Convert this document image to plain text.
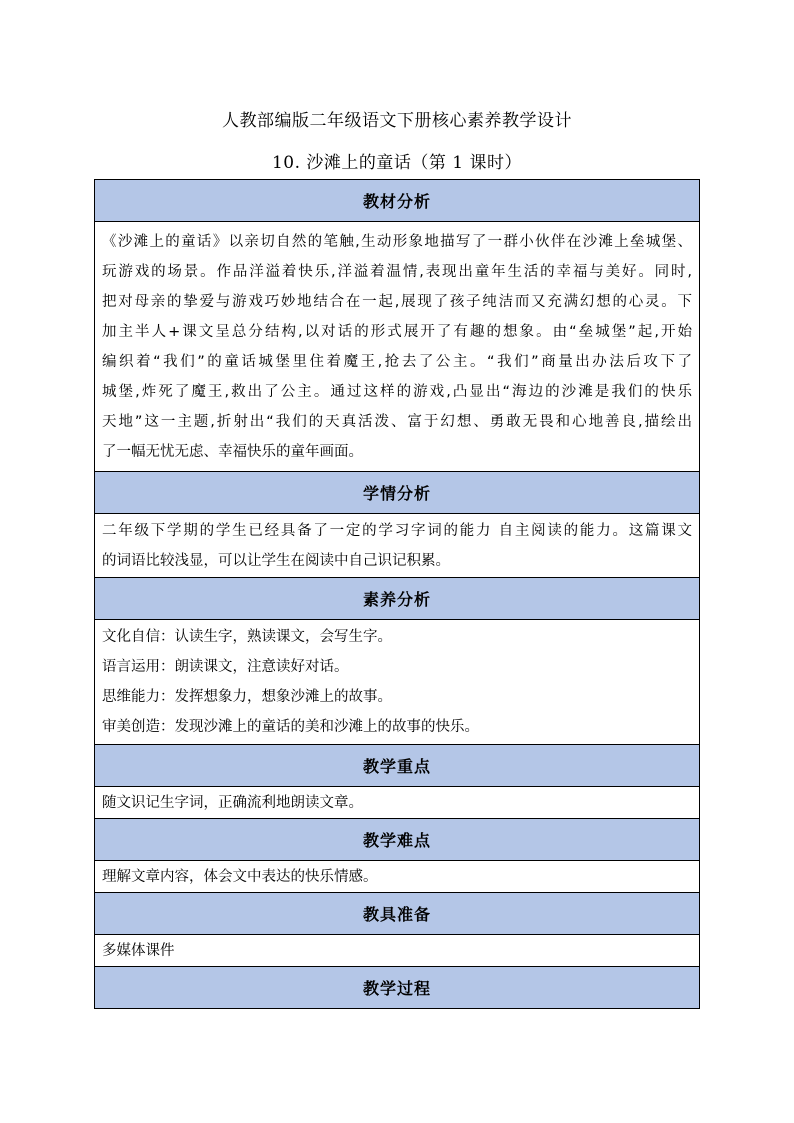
人教部编版二年级语文下册核心素养教学设计
10. 沙滩上的童话（第 1 课时）
教材分析

《沙滩上的童话》以亲切自然的笔触,生动形象地描写了一群小伙伴在沙滩上垒城堡、
玩游戏的场景。作品洋溢着快乐,洋溢着温情,表现出童年生活的幸福与美好。同时,
把对母亲的挚爱与游戏巧妙地结合在一起,展现了孩子纯洁而又充满幻想的心灵。下
加主半人+课文呈总分结构,以对话的形式展开了有趣的想象。由“垒城堡”起,开始
编织着“我们”的童话城堡里住着魔王,抢去了公主。“我们”商量出办法后攻下了
城堡,炸死了魔王,救出了公主。通过这样的游戏,凸显出“海边的沙滩是我们的快乐
天地”这一主题,折射出“我们的天真活泼、富于幻想、勇敢无畏和心地善良,描绘出
了一幅无忧无虑、幸福快乐的童年画面。

学情分析

二年级下学期的学生已经具备了一定的学习字词的能力 自主阅读的能力。这篇课文
的词语比较浅显，可以让学生在阅读中自己识记积累。

素养分析

文化自信：认读生字，熟读课文，会写生字。
语言运用：朗读课文，注意读好对话。
思维能力：发挥想象力，想象沙滩上的故事。
审美创造：发现沙滩上的童话的美和沙滩上的故事的快乐。

教学重点

随文识记生字词，正确流利地朗读文章。

教学难点

理解文章内容，体会文中表达的快乐情感。

教具准备

多媒体课件

教学过程
